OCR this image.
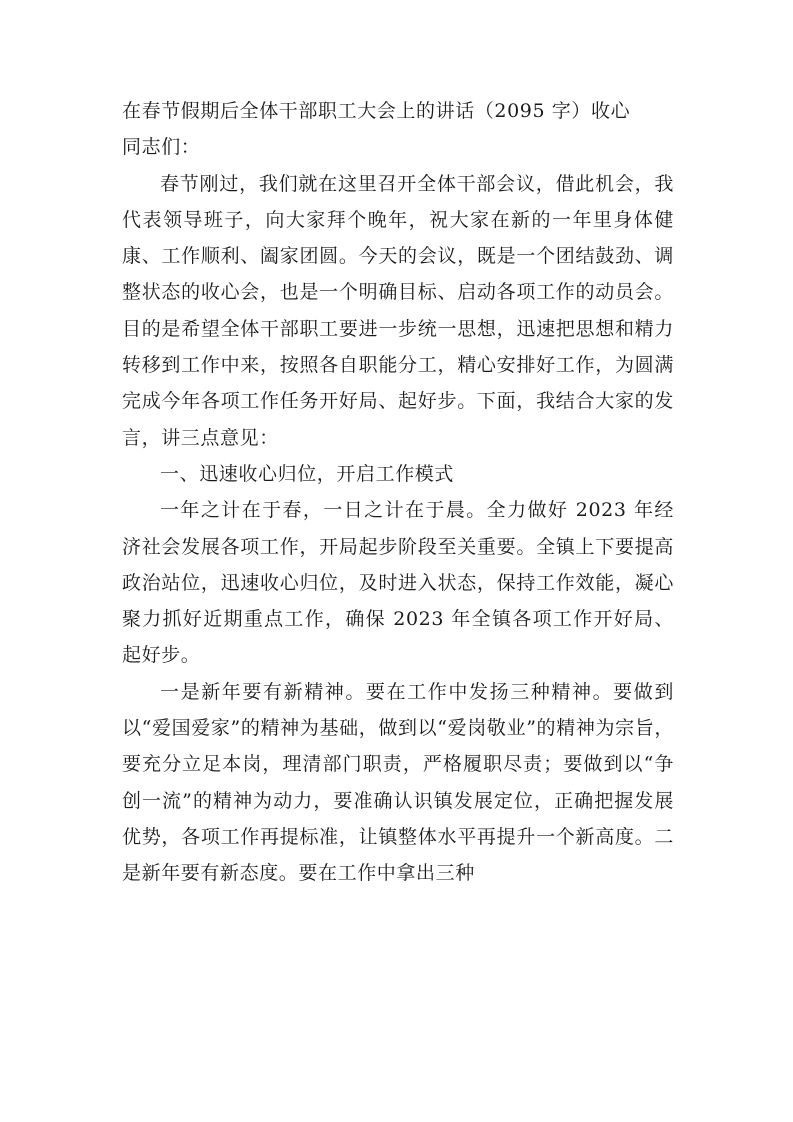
在春节假期后全体干部职工大会上的讲话（2095 字）收心

同志们：

春节刚过，我们就在这里召开全体干部会议，借此机会，我代表领导班子，向大家拜个晚年，祝大家在新的一年里身体健康、工作顺利、阖家团圆。今天的会议，既是一个团结鼓劲、调整状态的收心会，也是一个明确目标、启动各项工作的动员会。目的是希望全体干部职工要进一步统一思想，迅速把思想和精力转移到工作中来，按照各自职能分工，精心安排好工作，为圆满完成今年各项工作任务开好局、起好步。下面，我结合大家的发言，讲三点意见：

一、迅速收心归位，开启工作模式

一年之计在于春，一日之计在于晨。全力做好 2023 年经济社会发展各项工作，开局起步阶段至关重要。全镇上下要提高政治站位，迅速收心归位，及时进入状态，保持工作效能，凝心聚力抓好近期重点工作，确保 2023 年全镇各项工作开好局、起好步。

一是新年要有新精神。要在工作中发扬三种精神。要做到以“爱国爱家”的精神为基础，做到以“爱岗敬业”的精神为宗旨，要充分立足本岗，理清部门职责，严格履职尽责；要做到以“争创一流”的精神为动力，要准确认识镇发展定位，正确把握发展优势，各项工作再提标准，让镇整体水平再提升一个新高度。二是新年要有新态度。要在工作中拿出三种
